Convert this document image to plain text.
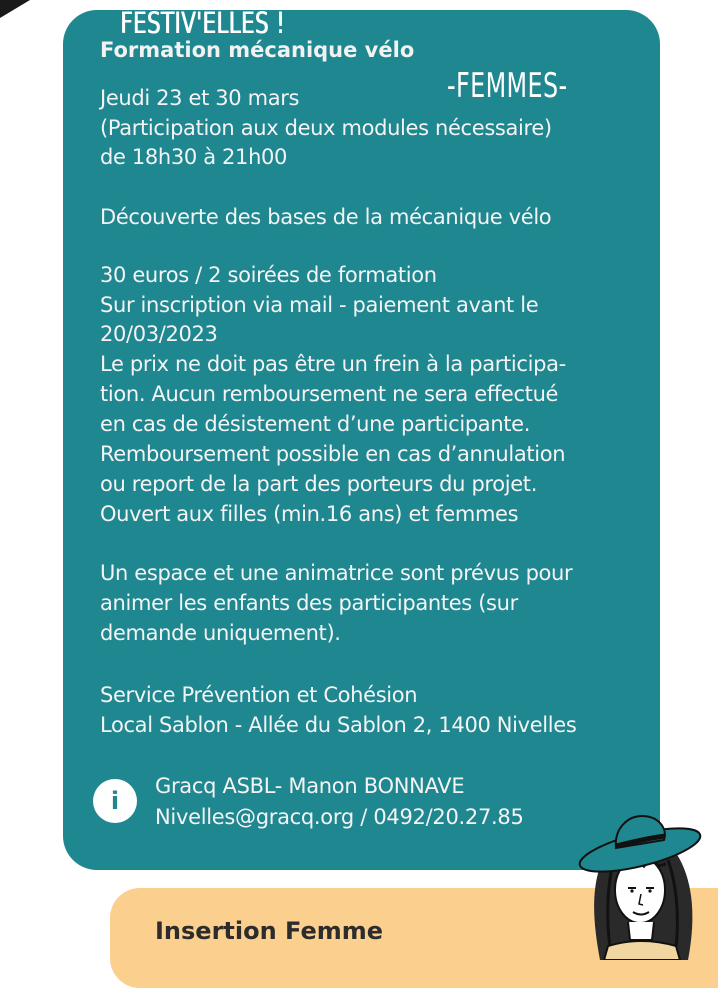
FESTIV'ELLES !
Formation mécanique vélo
-FEMMES-

Jeudi 23 et 30 mars

(Participation aux deux modules nécessaire)

de 18h30 à 21h00

Découverte des bases de la mécanique vélo

30 euros / 2 soirées de formation

Sur inscription via mail - paiement avant le

20/03/2023

Le prix ne doit pas être un frein à la participa-

tion. Aucun remboursement ne sera effectué

en cas de désistement d’une participante.

Remboursement possible en cas d’annulation

ou report de la part des porteurs du projet.

Ouvert aux filles (min.16 ans) et femmes

Un espace et une animatrice sont prévus pour

animer les enfants des participantes (sur

demande uniquement).

Service Prévention et Cohésion

Local Sablon - Allée du Sablon 2, 1400 Nivelles

i

Gracq ASBL- Manon BONNAVE

Nivelles@gracq.org / 0492/20.27.85

Insertion Femme
